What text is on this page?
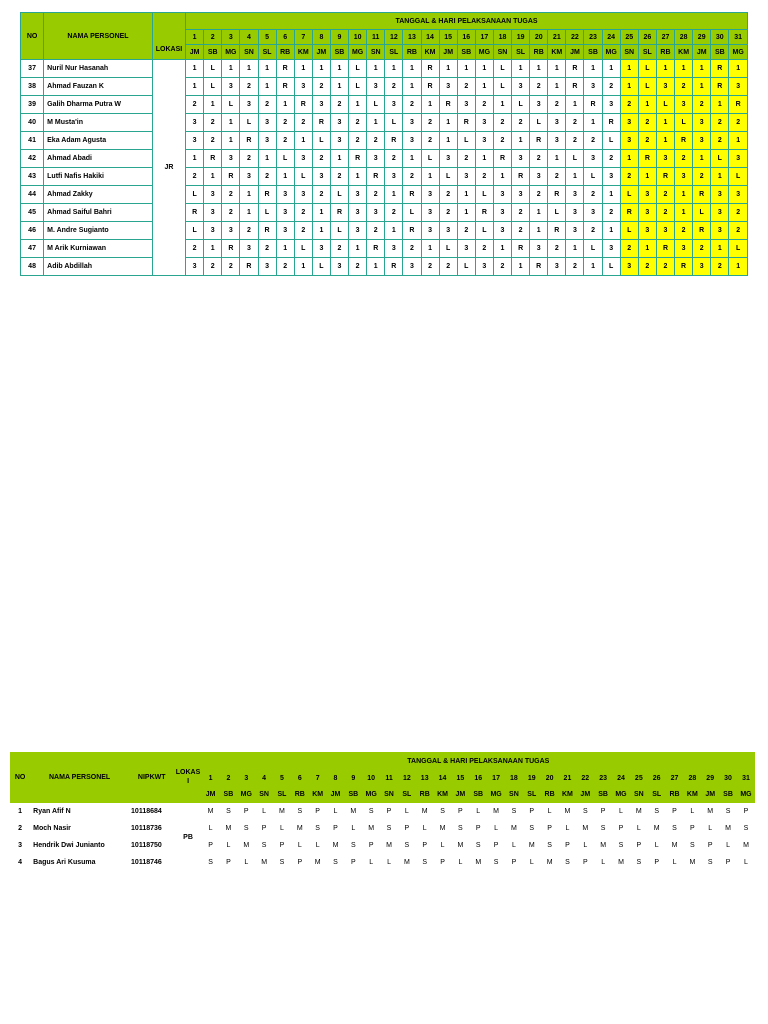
NO	NAMA PERSONEL	LOKASI	TANGGAL & HARI PELAKSANAAN TUGAS																														
			1	2	3	4	5	6	7	8	9	10	11	12	13	14	15	16	17	18	19	20	21	22	23	24	25	26	27	28	29	30	31
			JM	SB	MG	SN	SL	RB	KM	JM	SB	MG	SN	SL	RB	KM	JM	SB	MG	SN	SL	RB	KM	JM	SB	MG	SN	SL	RB	KM	JM	SB	MG
37	Nuril Nur Hasanah	JR	1	L	1	1	1	R	1	1	1	L	1	1	1	R	1	1	1	L	1	1	1	R	1	1	1	L	1	1	1	R	1
38	Ahmad Fauzan K		1	L	3	2	1	R	3	2	1	L	3	2	1	R	3	2	1	L	3	2	1	R	3	2	1	L	3	2	1	R	3
39	Galih Dharma Putra W		2	1	L	3	2	1	R	3	2	1	L	3	2	1	R	3	2	1	L	3	2	1	R	3	2	1	L	3	2	1	R
40	M Musta'in		3	2	1	L	3	2	2	R	3	2	1	L	3	2	1	R	3	2	2	L	3	2	1	R	3	2	1	L	3	2	2
41	Eka Adam Agusta		3	2	1	R	3	2	1	L	3	2	2	R	3	2	1	L	3	2	1	R	3	2	2	L	3	2	1	R	3	2	1
42	Ahmad Abadi		1	R	3	2	1	L	3	2	1	R	3	2	1	L	3	2	1	R	3	2	1	L	3	2	1	R	3	2	1	L	3
43	Lutfi Nafis Hakiki		2	1	R	3	2	1	L	3	2	1	R	3	2	1	L	3	2	1	R	3	2	1	L	3	2	1	R	3	2	1	L
44	Ahmad Zakky		L	3	2	1	R	3	3	2	L	3	2	1	R	3	2	1	L	3	3	2	R	3	2	1	L	3	2	1	R	3	3
45	Ahmad Saiful Bahri		R	3	2	1	L	3	2	1	R	3	3	2	L	3	2	1	R	3	2	1	L	3	3	2	R	3	2	1	L	3	2
46	M. Andre Sugianto		L	3	3	2	R	3	2	1	L	3	2	1	R	3	3	2	L	3	2	1	R	3	2	1	L	3	3	2	R	3	2
47	M Arik Kurniawan		2	1	R	3	2	1	L	3	2	1	R	3	2	1	L	3	2	1	R	3	2	1	L	3	2	1	R	3	2	1	L
48	Adib Abdillah		3	2	2	R	3	2	1	L	3	2	1	R	3	2	2	L	3	2	1	R	3	2	1	L	3	2	2	R	3	2	1
NO	NAMA PERSONEL	NIPKWT	LOKAS I	TANGGAL & HARI PELAKSANAAN TUGAS																														
				1	2	3	4	5	6	7	8	9	10	11	12	13	14	15	16	17	18	19	20	21	22	23	24	25	26	27	28	29	30	31
				JM	SB	MG	SN	SL	RB	KM	JM	SB	MG	SN	SL	RB	KM	JM	SB	MG	SN	SL	RB	KM	JM	SB	MG	SN	SL	RB	KM	JM	SB	MG
1	Ryan Afif N	10118684	PB	M	S	P	L	M	S	P	L	M	S	P	L	M	S	P	L	M	S	P	L	M	S	P	L	M	S	P	L	M	S	P
2	Moch Nasir	10118736		L	M	S	P	L	M	S	P	L	M	S	P	L	M	S	P	L	M	S	P	L	M	S	P	L	M	S	P	L	M	S
3	Hendrik Dwi Junianto	10118750		P	L	M	S	P	L	L	M	S	P	M	S	P	L	M	S	P	L	M	S	P	L	M	S	P	L	M	S	P	L	M
4	Bagus Ari Kusuma	10118746		S	P	L	M	S	P	M	S	P	L	L	M	S	P	L	M	S	P	L	M	S	P	L	M	S	P	L	M	S	P	L
